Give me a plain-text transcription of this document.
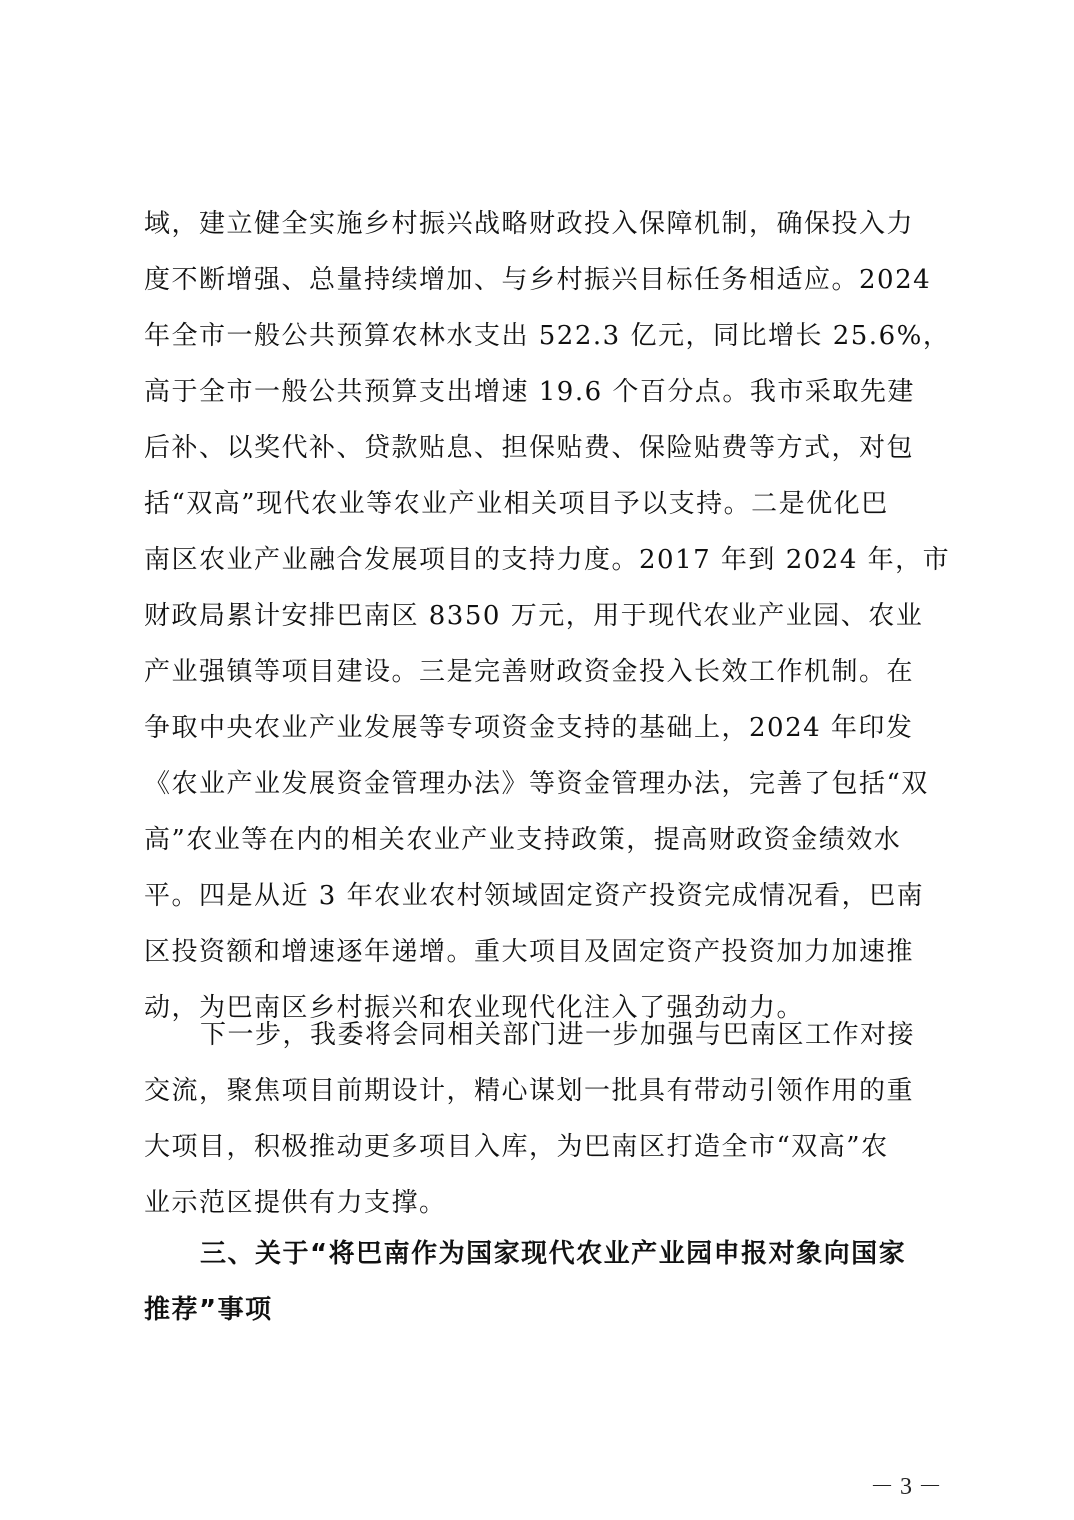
域，建立健全实施乡村振兴战略财政投入保障机制，确保投入力
度不断增强、总量持续增加、与乡村振兴目标任务相适应。2024
年全市一般公共预算农林水支出 522.3 亿元，同比增长 25.6%，
高于全市一般公共预算支出增速 19.6 个百分点。我市采取先建
后补、以奖代补、贷款贴息、担保贴费、保险贴费等方式，对包
括“双高”现代农业等农业产业相关项目予以支持。二是优化巴
南区农业产业融合发展项目的支持力度。2017 年到 2024 年，市
财政局累计安排巴南区 8350 万元，用于现代农业产业园、农业
产业强镇等项目建设。三是完善财政资金投入长效工作机制。在
争取中央农业产业发展等专项资金支持的基础上，2024 年印发
《农业产业发展资金管理办法》等资金管理办法，完善了包括“双
高”农业等在内的相关农业产业支持政策，提高财政资金绩效水
平。四是从近 3 年农业农村领域固定资产投资完成情况看，巴南
区投资额和增速逐年递增。重大项目及固定资产投资加力加速推
动，为巴南区乡村振兴和农业现代化注入了强劲动力。
下一步，我委将会同相关部门进一步加强与巴南区工作对接
交流，聚焦项目前期设计，精心谋划一批具有带动引领作用的重
大项目，积极推动更多项目入库，为巴南区打造全市“双高”农
业示范区提供有力支撑。
三、关于“将巴南作为国家现代农业产业园申报对象向国家
推荐”事项
－ 3 －
